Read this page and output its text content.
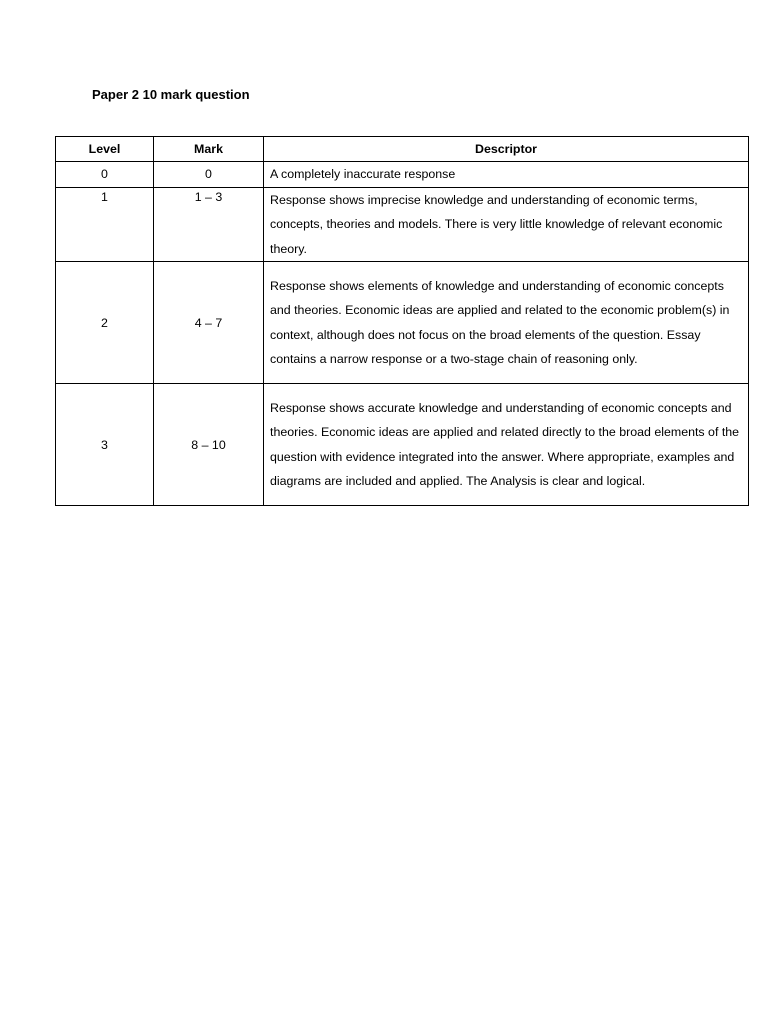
Paper 2 10 mark question
Level	Mark	Descriptor

0	0	A completely inaccurate response

1	1 – 3	Response shows imprecise knowledge and understanding of economic terms, concepts, theories and models. There is very little knowledge of relevant economic theory.

2	4 – 7	Response shows elements of knowledge and understanding of economic concepts and theories. Economic ideas are applied and related to the economic problem(s) in context, although does not focus on the broad elements of the question. Essay contains a narrow response or a two-stage chain of reasoning only.

3	8 – 10	Response shows accurate knowledge and understanding of economic concepts and theories. Economic ideas are applied and related directly to the broad elements of the question with evidence integrated into the answer. Where appropriate, examples and diagrams are included and applied. The Analysis is clear and logical.
